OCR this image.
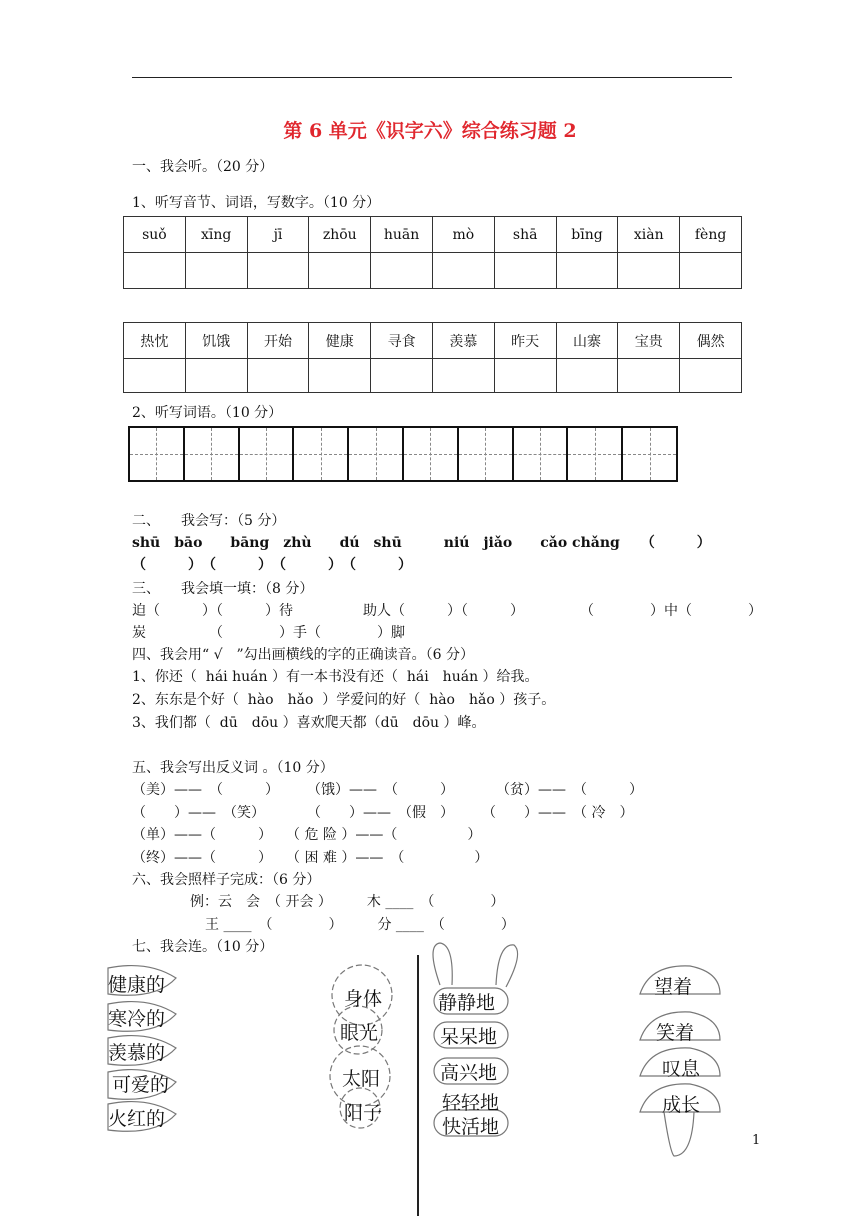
第 6 单元《识字六》综合练习题 2
一、我会听。（20 分）
1、听写音节、词语，写数字。（10 分）
suǒ	xīng	jī	zhōu	huān	mò	shā	bīng	xiàn	fèng

热忱	饥饿	开始	健康	寻食	羡慕	昨天	山寨	宝贵	偶然

2、听写词语。（10 分）
二、　　我会写：（5 分）
shū　bāo　　bāng　zhù　　dú　shū　　　niú　jiǎo　　cǎo chǎng　　（　　　）
（　　　）　（　　　）　（　　　）　（　　　）
三、　　我会填一填：（8 分）
迫（　　　）（　　　）待　　　　　助人（　　　）（　　　）　　　　　（　　　　）中（　　　　）
炭　　　　　（　　　　）手（　　　　）脚
四、我会用“ √　”勾出画横线的字的正确读音。（6 分）
1、你还（  hái huán ）有一本书没有还（  hái　huán ）给我。
2、东东是个好（  hào　hǎo  ）学爱问的好（  hào　hǎo ）孩子。
3、我们都（  dū　dōu ）喜欢爬天都（dū　dōu ）峰。
五、我会写出反义词 。（10 分）
（美）——　（　　　）　　　（饿）——　（　　　）　　　　（贫）——　（　　　）
（　　）——　（笑）　　　　（　　）——　（假　）　　　（　　）——　（ 冷　）
（单）——（　　　）　　（ 危 险 ）——（　　　　　）
（终）——（　　　）　　（ 困 难 ）——　（　　　　　）
六、我会照样子完成：（6 分）
例：云　会　（ 开会 ）　　　木 ____　（　　　　）
王 ____　（　　　　）　　　分 ____　（　　　　）
七、我会连。（10 分）
健康的
寒冷的
羡慕的
可爱的
火红的
身体
眼光
太阳
阳子
静静地
呆呆地
高兴地
轻轻地
快活地
望着
笑着
叹息
成长
1
